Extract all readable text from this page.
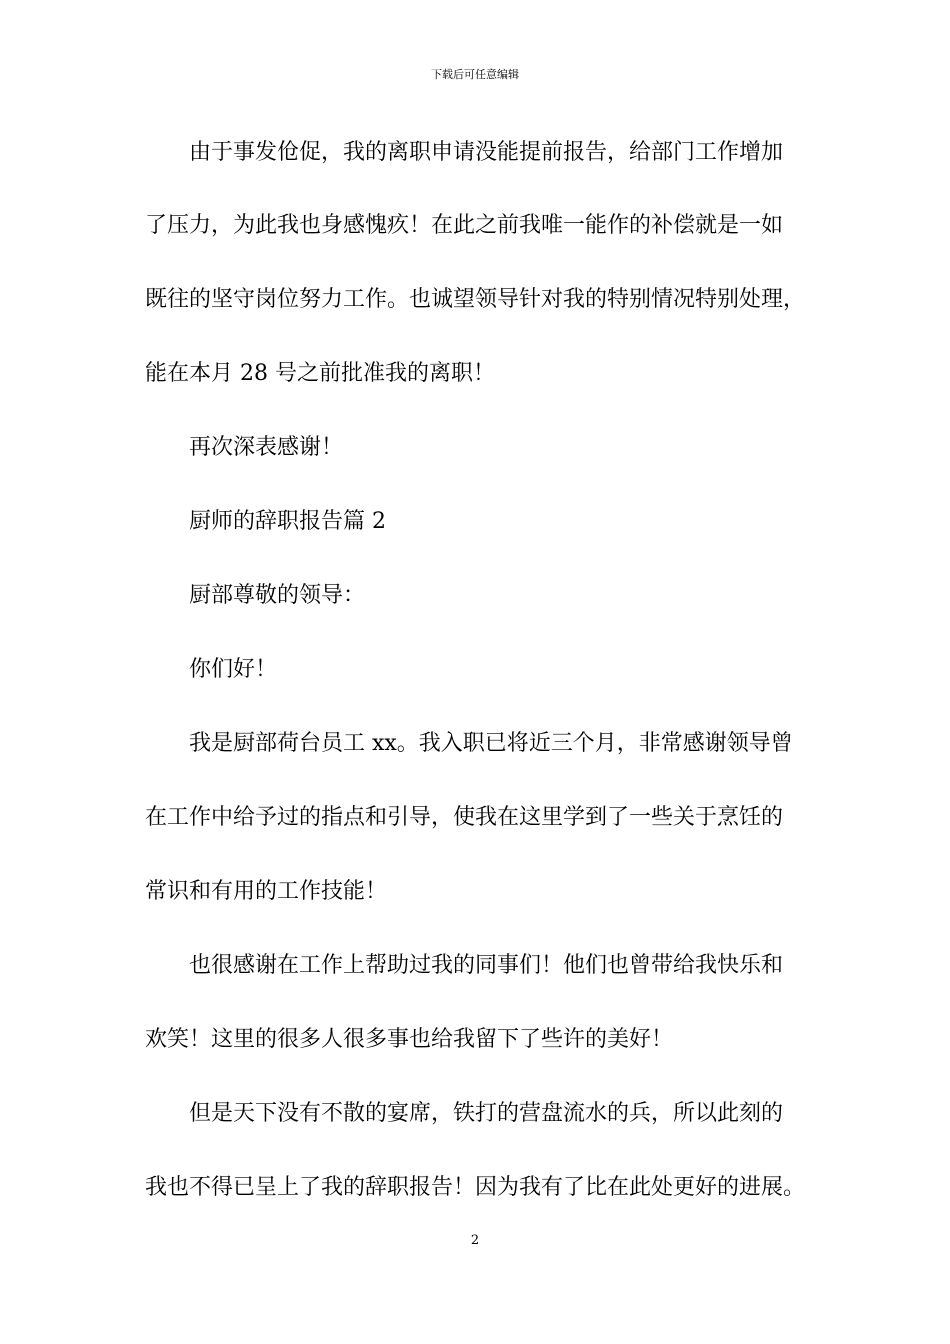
下载后可任意编辑
由于事发伧促，我的离职申请没能提前报告，给部门工作增加
了压力，为此我也身感愧疚！在此之前我唯一能作的补偿就是一如
既往的坚守岗位努力工作。也诚望领导针对我的特别情况特别处理，
能在本月 28 号之前批准我的离职！
再次深表感谢！
厨师的辞职报告篇 2
厨部尊敬的领导：
你们好！
我是厨部荷台员工 xx。我入职已将近三个月，非常感谢领导曾
在工作中给予过的指点和引导，使我在这里学到了一些关于烹饪的
常识和有用的工作技能！
也很感谢在工作上帮助过我的同事们！他们也曾带给我快乐和
欢笑！这里的很多人很多事也给我留下了些许的美好！
但是天下没有不散的宴席，铁打的营盘流水的兵，所以此刻的
我也不得已呈上了我的辞职报告！因为我有了比在此处更好的进展。
2
